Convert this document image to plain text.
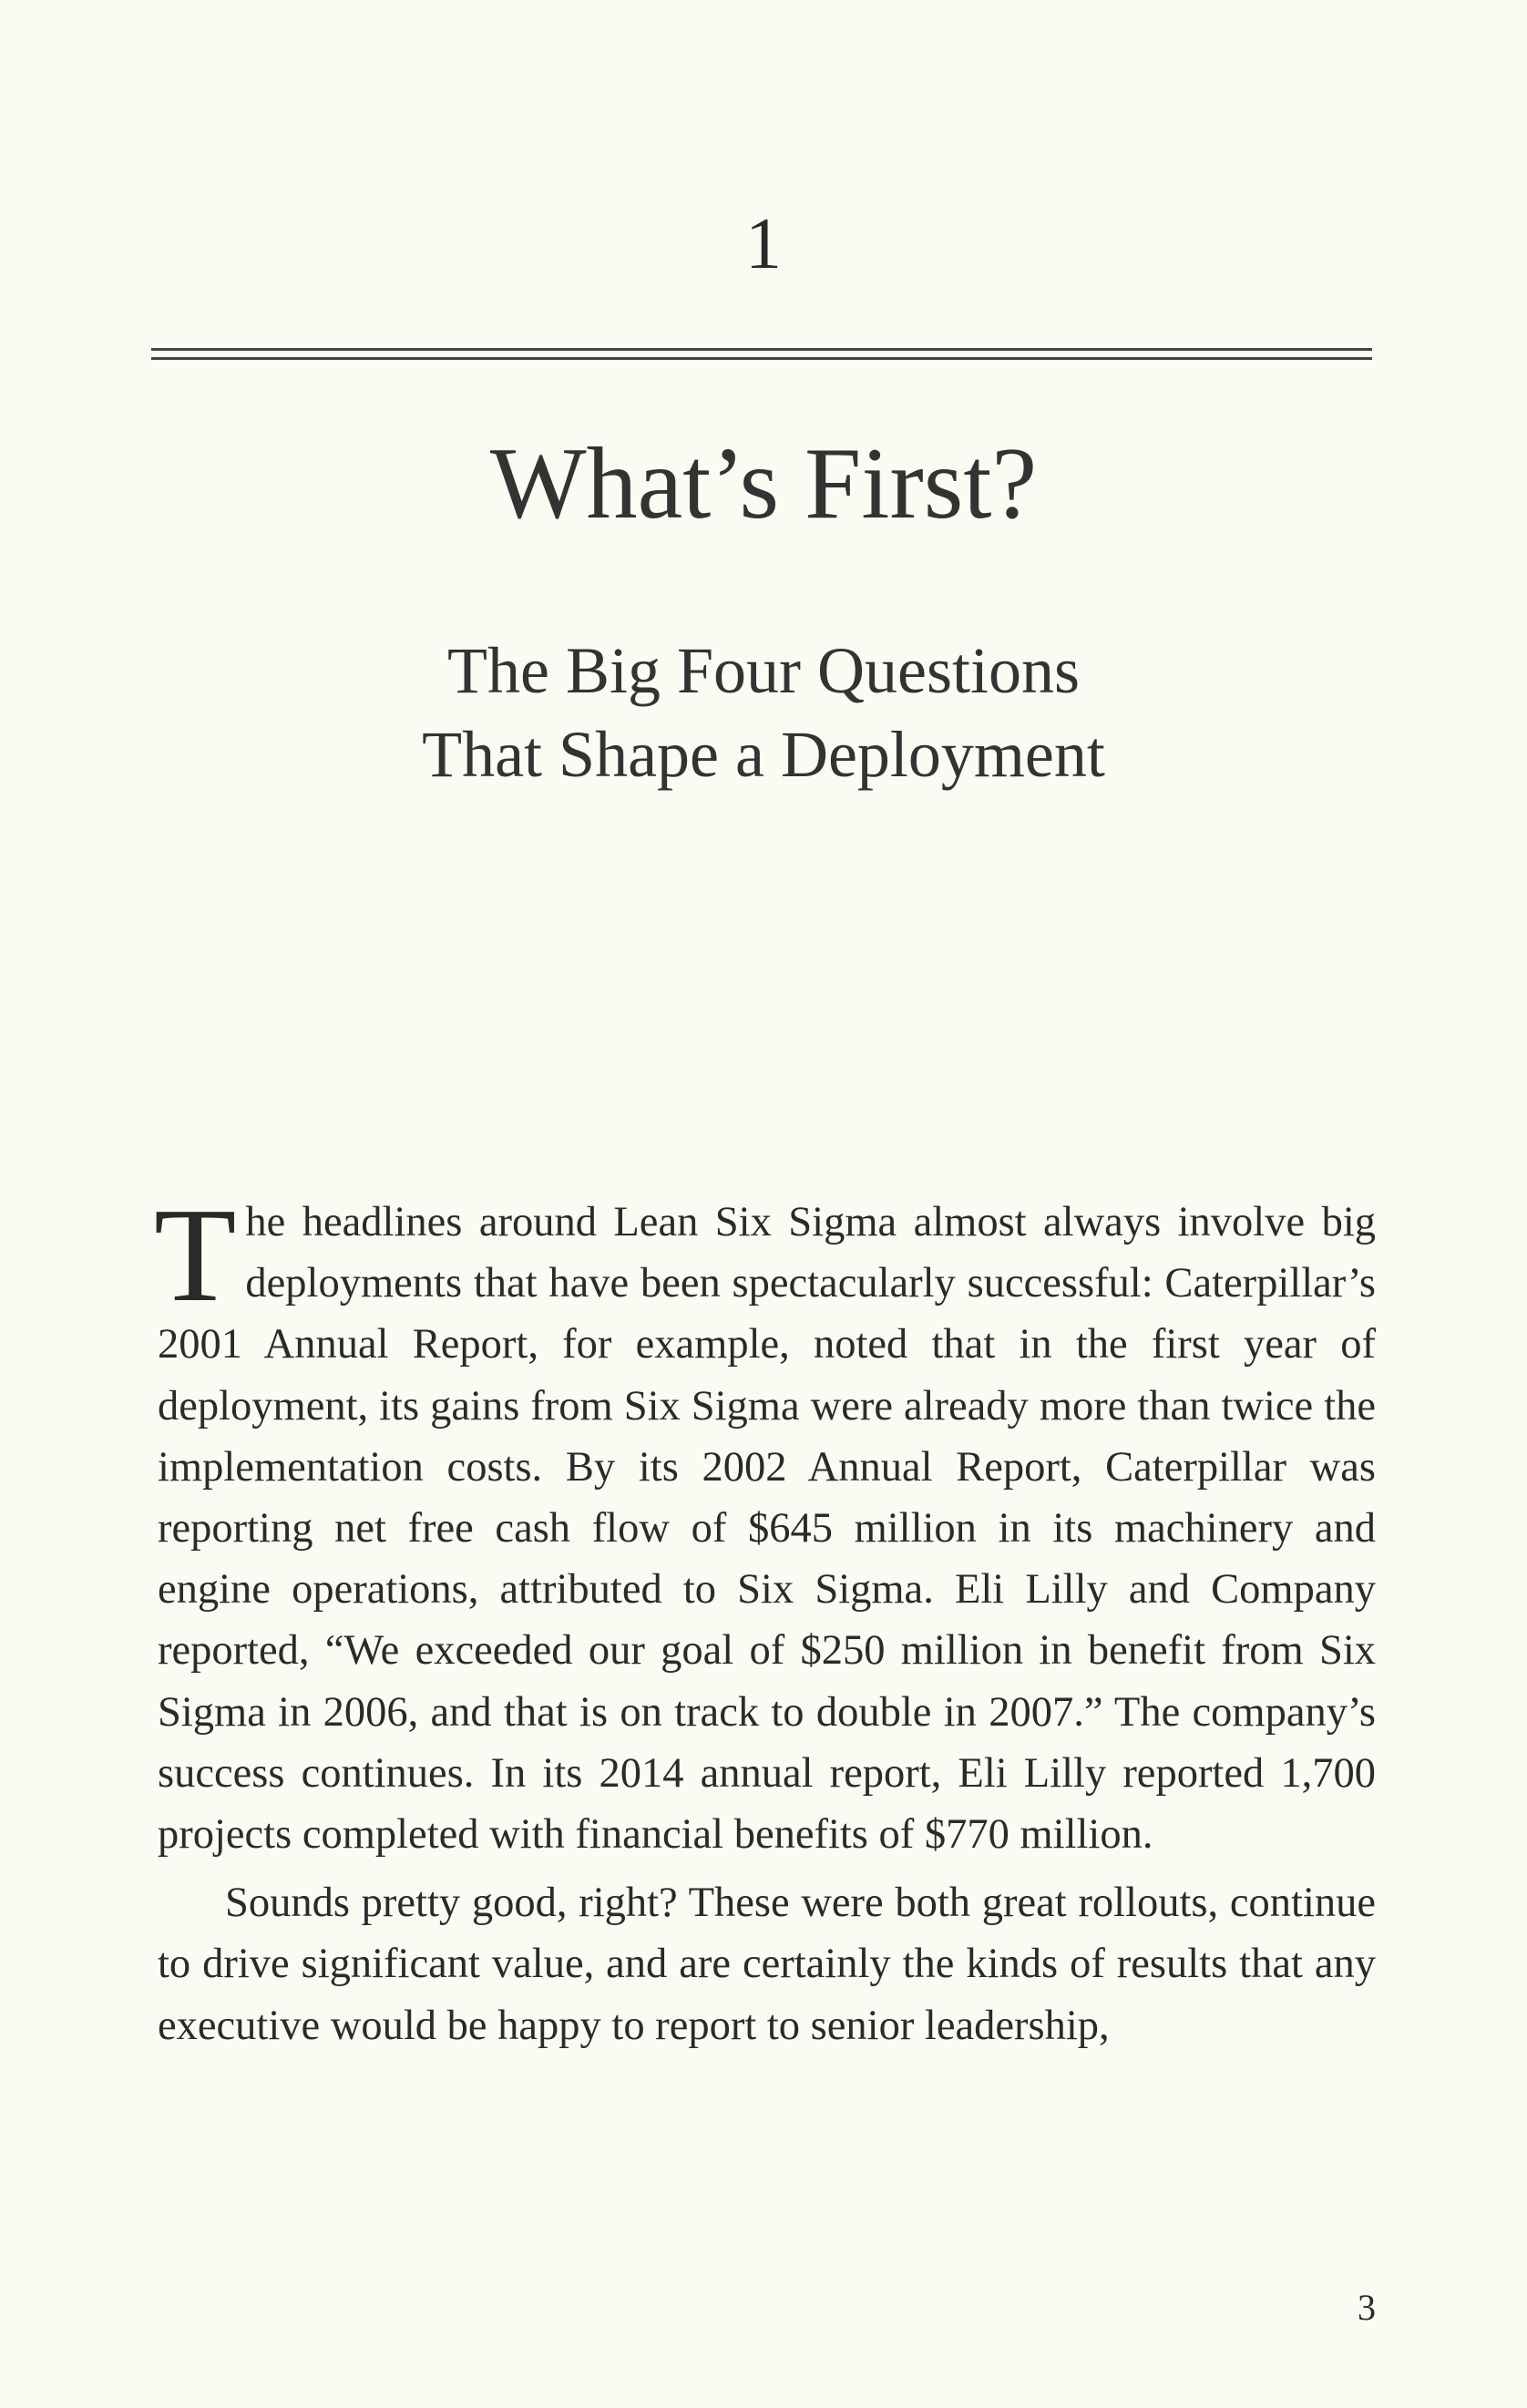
1
What’s First?
The Big Four Questions
That Shape a Deployment

The headlines around Lean Six Sigma almost always involve big deployments that have been spectacularly successful: Caterpillar’s 2001 Annual Report, for example, noted that in the first year of deployment, its gains from Six Sigma were already more than twice the implementation costs. By its 2002 Annual Report, Caterpillar was reporting net free cash flow of $645 million in its machinery and engine operations, attributed to Six Sigma. Eli Lilly and Company reported, “We exceeded our goal of $250 million in benefit from Six Sigma in 2006, and that is on track to double in 2007.” The company’s success continues. In its 2014 annual report, Eli Lilly reported 1,700 projects completed with financial benefits of $770 million.

Sounds pretty good, right? These were both great rollouts, continue to drive significant value, and are certainly the kinds of results that any executive would be happy to report to senior leadership,

3
